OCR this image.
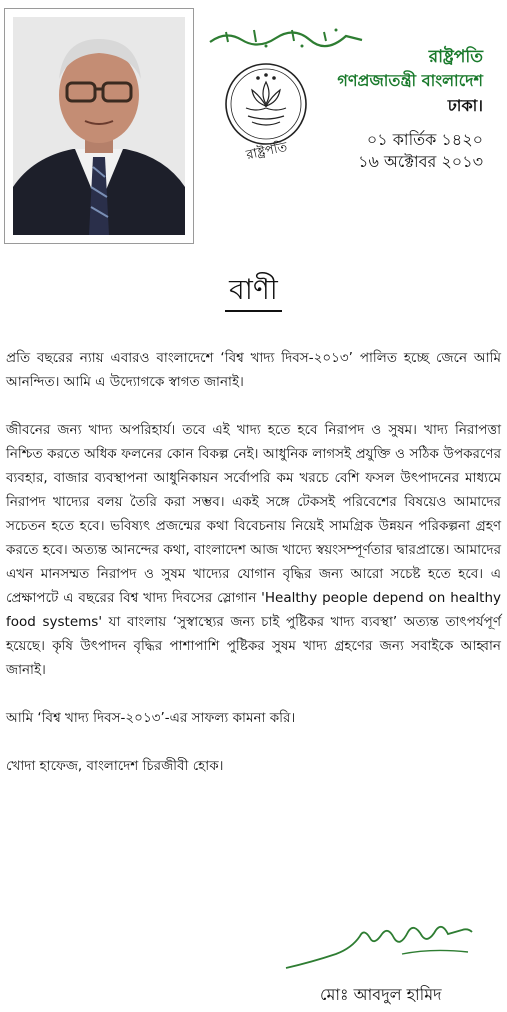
রাষ্ট্রপতি
রাষ্ট্রপতি
গণপ্রজাতন্ত্রী বাংলাদেশ
ঢাকা।
০১ কার্তিক ১৪২০
১৬ অক্টোবর ২০১৩
বাণী

প্রতি বছরের ন্যায় এবারও বাংলাদেশে ‘বিশ্ব খাদ্য দিবস-২০১৩’ পালিত হচ্ছে জেনে আমি আনন্দিত। আমি এ উদ্যোগকে স্বাগত জানাই।

জীবনের জন্য খাদ্য অপরিহার্য। তবে এই খাদ্য হতে হবে নিরাপদ ও সুষম। খাদ্য নিরাপত্তা নিশ্চিত করতে অধিক ফলনের কোন বিকল্প নেই। আধুনিক লাগসই প্রযুক্তি ও সঠিক উপকরণের ব্যবহার, বাজার ব্যবস্থাপনা আধুনিকায়ন সর্বোপরি কম খরচে বেশি ফসল উৎপাদনের মাধ্যমে নিরাপদ খাদ্যের বলয় তৈরি করা সম্ভব। একই সঙ্গে টেকসই পরিবেশের বিষয়েও আমাদের সচেতন হতে হবে। ভবিষ্যৎ প্রজন্মের কথা বিবেচনায় নিয়েই সামগ্রিক উন্নয়ন পরিকল্পনা গ্রহণ করতে হবে। অত্যন্ত আনন্দের কথা, বাংলাদেশ আজ খাদ্যে স্বয়ংসম্পূর্ণতার দ্বারপ্রান্তে। আমাদের এখন মানসম্মত নিরাপদ ও সুষম খাদ্যের যোগান বৃদ্ধির জন্য আরো সচেষ্ট হতে হবে। এ প্রেক্ষাপটে এ বছরের বিশ্ব খাদ্য দিবসের স্লোগান 'Healthy people depend on healthy food systems' যা বাংলায় ‘সুস্বাস্থ্যের জন্য চাই পুষ্টিকর খাদ্য ব্যবস্থা’ অত্যন্ত তাৎপর্যপূর্ণ হয়েছে। কৃষি উৎপাদন বৃদ্ধির পাশাপাশি পুষ্টিকর সুষম খাদ্য গ্রহণের জন্য সবাইকে আহ্বান জানাই।

আমি ‘বিশ্ব খাদ্য দিবস-২০১৩’-এর সাফল্য কামনা করি।

খোদা হাফেজ, বাংলাদেশ চিরজীবী হোক।

মোঃ আবদুল হামিদ
